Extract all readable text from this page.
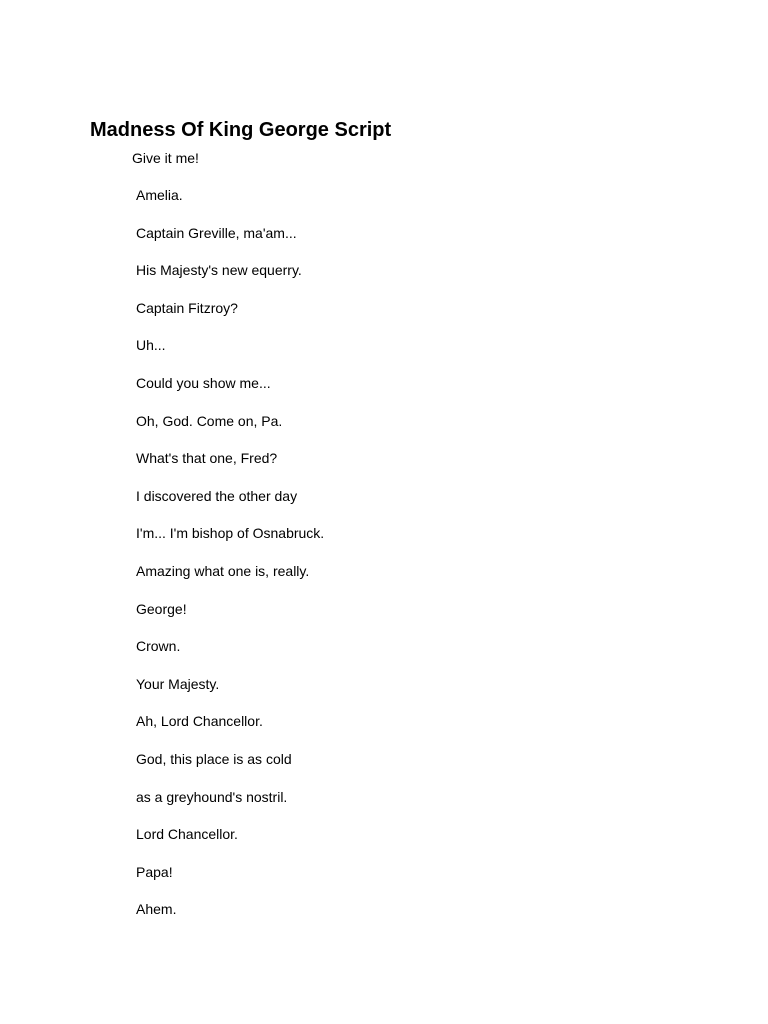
Madness Of King George Script
Give it me!
Amelia.
Captain Greville, ma'am...
His Majesty's new equerry.
Captain Fitzroy?
Uh...
Could you show me...
Oh, God. Come on, Pa.
What's that one, Fred?
I discovered the other day
I'm... I'm bishop of Osnabruck.
Amazing what one is, really.
George!
Crown.
Your Majesty.
Ah, Lord Chancellor.
God, this place is as cold
as a greyhound's nostril.
Lord Chancellor.
Papa!
Ahem.
